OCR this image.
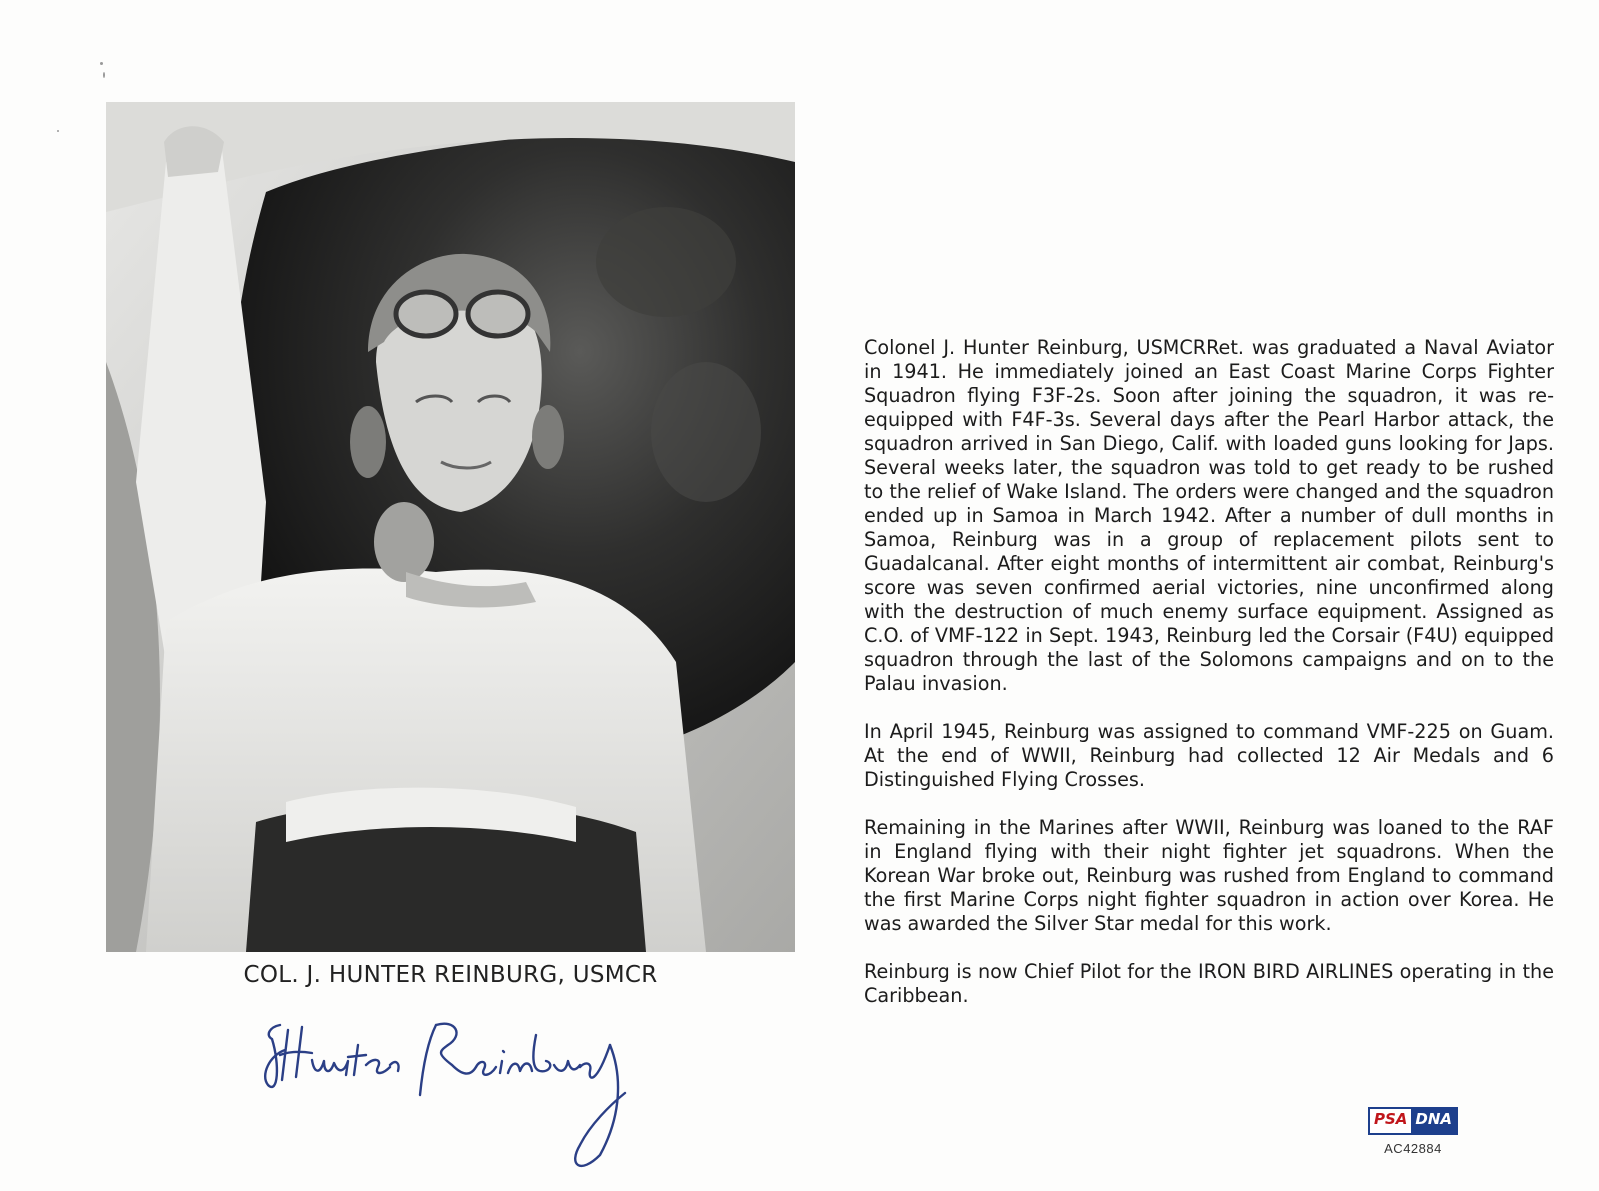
COL. J. HUNTER REINBURG, USMCR

Colonel J. Hunter Reinburg, USMCRRet. was graduated a Naval Aviator in 1941. He immediately joined an East Coast Marine Corps Fighter Squadron flying F3F-2s. Soon after joining the squadron, it was re-equipped with F4F-3s. Several days after the Pearl Harbor attack, the squadron arrived in San Diego, Calif. with loaded guns looking for Japs. Several weeks later, the squadron was told to get ready to be rushed to the relief of Wake Island. The orders were changed and the squadron ended up in Samoa in March 1942. After a number of dull months in Samoa, Reinburg was in a group of replacement pilots sent to Guadalcanal. After eight months of intermittent air combat, Reinburg's score was seven confirmed aerial victories, nine unconfirmed along with the destruction of much enemy surface equipment. Assigned as C.O. of VMF-122 in Sept. 1943, Reinburg led the Corsair (F4U) equipped squadron through the last of the Solomons campaigns and on to the Palau invasion.

In April 1945, Reinburg was assigned to command VMF-225 on Guam. At the end of WWII, Reinburg had collected 12 Air Medals and 6 Distinguished Flying Crosses.

Remaining in the Marines after WWII, Reinburg was loaned to the RAF in England flying with their night fighter jet squadrons. When the Korean War broke out, Reinburg was rushed from England to command the first Marine Corps night fighter squadron in action over Korea. He was awarded the Silver Star medal for this work.

Reinburg is now Chief Pilot for the IRON BIRD AIRLINES operating in the Caribbean.

PSA DNA
AC42884
